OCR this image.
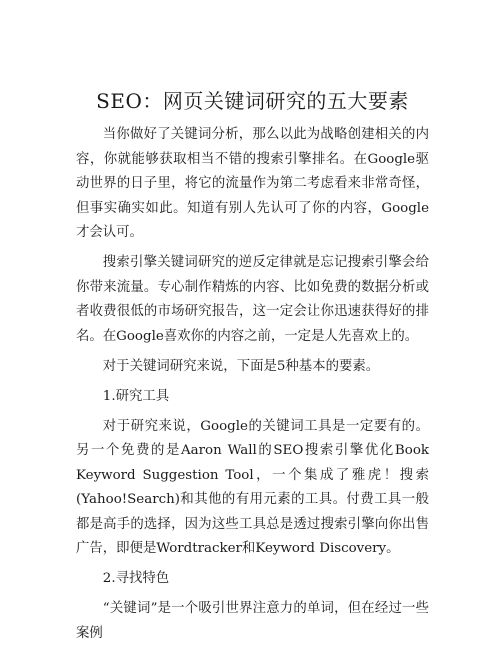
SEO：网页关键词研究的五大要素

当你做好了关键词分析，那么以此为战略创建相关的内容，你就能够获取相当不错的搜索引擎排名。在Google驱动世界的日子里，将它的流量作为第二考虑看来非常奇怪，但事实确实如此。知道有别人先认可了你的内容，Google才会认可。

搜索引擎关键词研究的逆反定律就是忘记搜索引擎会给你带来流量。专心制作精炼的内容、比如免费的数据分析或者收费很低的市场研究报告，这一定会让你迅速获得好的排名。在Google喜欢你的内容之前，一定是人先喜欢上的。

对于关键词研究来说，下面是5种基本的要素。

1.研究工具

对于研究来说，Google的关键词工具是一定要有的。另一个免费的是Aaron Wall的SEO搜索引擎优化Book Keyword Suggestion Tool，一个集成了雅虎！搜索(Yahoo!Search)和其他的有用元素的工具。付费工具一般都是高手的选择，因为这些工具总是透过搜索引擎向你出售广告，即便是Wordtracker和Keyword Discovery。

2.寻找特色

“关键词”是一个吸引世界注意力的单词，但在经过一些案例
